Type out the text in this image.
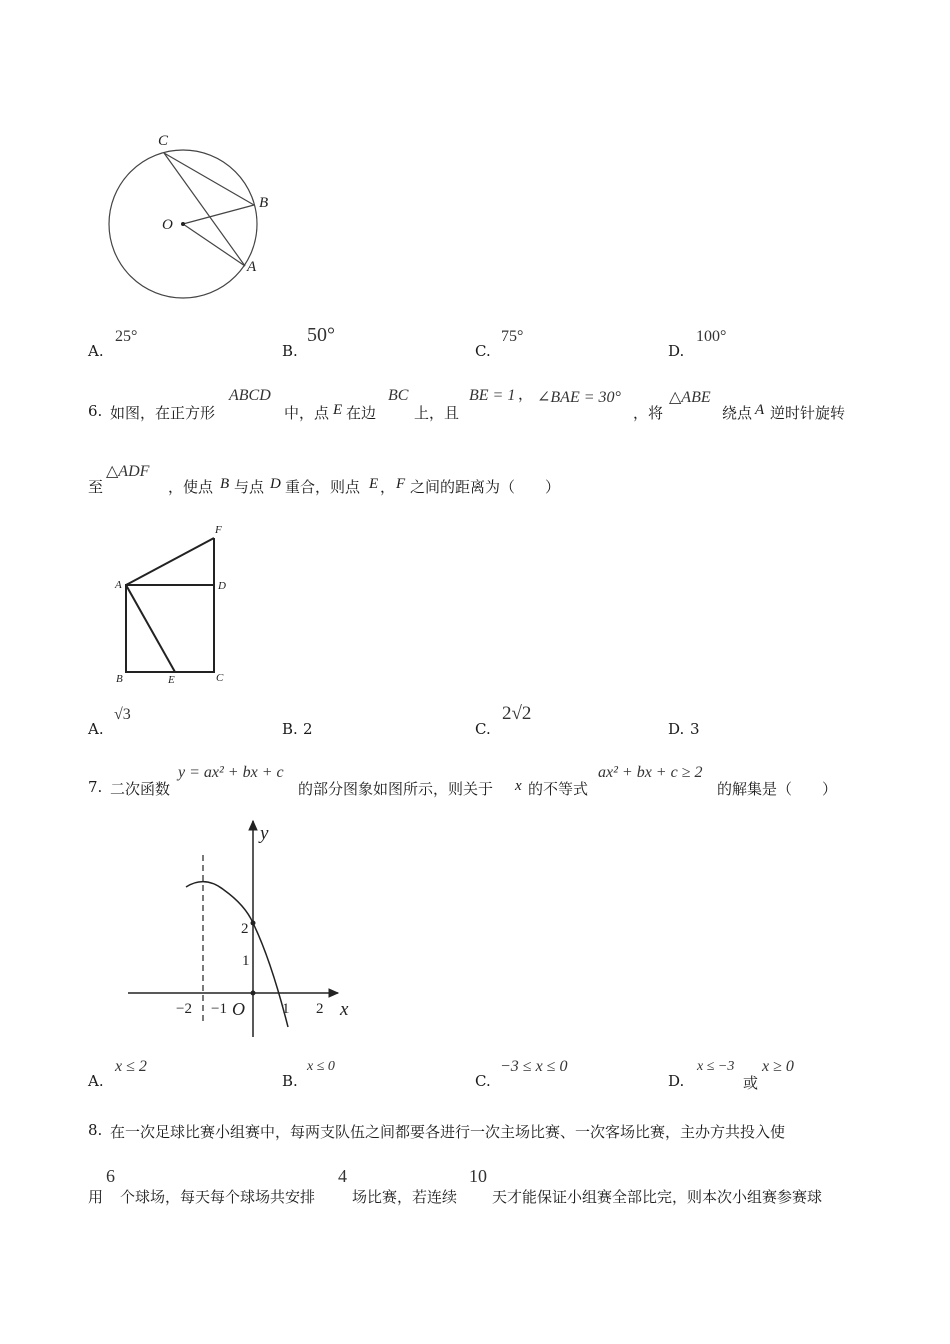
C
B
O
A
A.
25°
B.
50°
C.
75°
D.
100°
6. 如图，在正方形
ABCD
中，点 E 在边
BC
上，且
BE = 1 ， ∠BAE = 30°
，将
△ABE
绕点 A 逆时针旋转
至
△ADF
，使点 B 与点 D 重合，则点 E ， F 之间的距离为（　　）
F
A	D
B	E	C
A.
√3
B. 2	C.
2√2
D. 3
7. 二次函数
y = ax² + bx + c
的部分图象如图所示，则关于 x 的不等式
ax² + bx + c ≥ 2
的解集是（　　）
y
x
O
−2 −1	1 2
2
1
A.
x ≤ 2
B.
x ≤ 0
C.
−3 ≤ x ≤ 0
D.
x ≤ −3
或
x ≥ 0
8. 在一次足球比赛小组赛中，每两支队伍之间都要各进行一次主场比赛、一次客场比赛，主办方共投入使
用
6
个球场，每天每个球场共安排
4
场比赛，若连续
10
天才能保证小组赛全部比完，则本次小组赛参赛球
